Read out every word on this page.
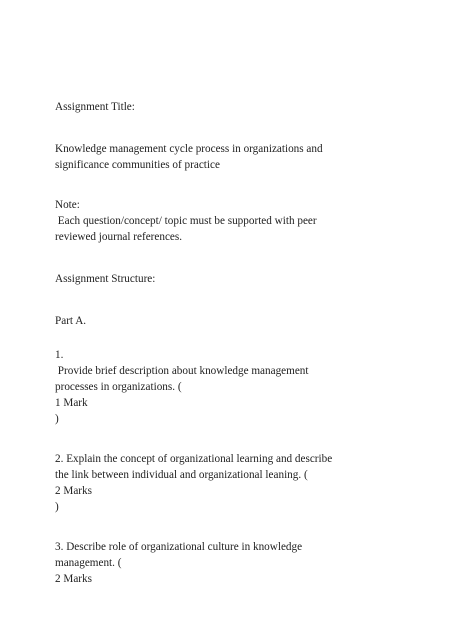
Assignment Title:
Knowledge management cycle process in organizations and
significance communities of practice
Note:
Each question/concept/ topic must be supported with peer
reviewed journal references.
Assignment Structure:
Part A.
1.
Provide brief description about knowledge management
processes in organizations. (
1 Mark
)
2. Explain the concept of organizational learning and describe
the link between individual and organizational leaning. (
2 Marks
)
3. Describe role of organizational culture in knowledge
management. (
2 Marks
